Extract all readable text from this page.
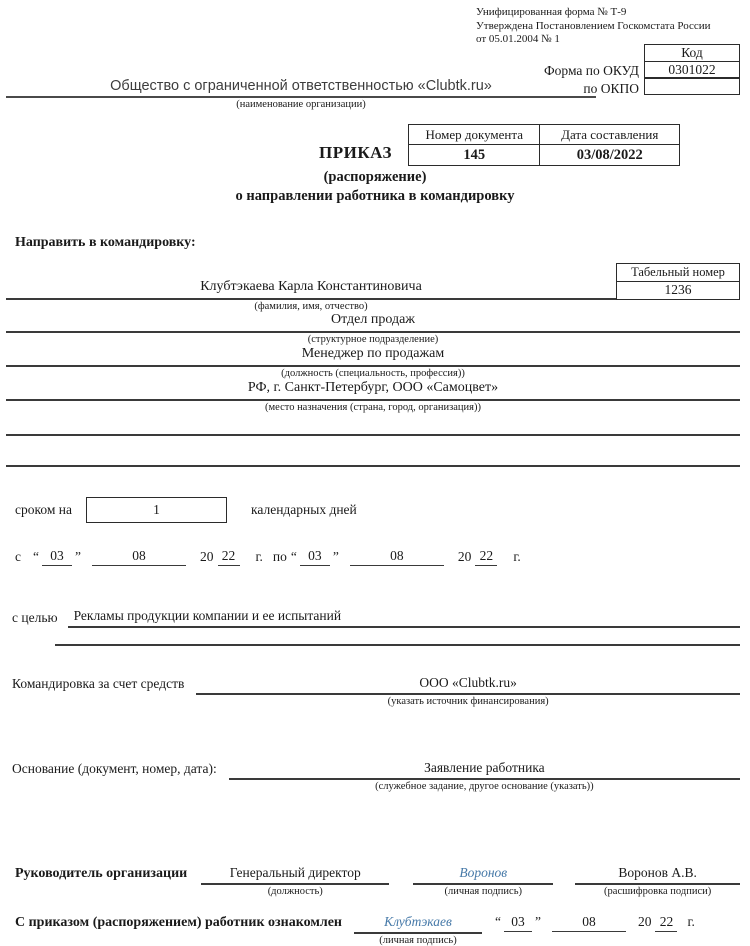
Унифицированная форма № Т-9
Утверждена Постановлением Госкомстата России
от 05.01.2004 № 1
Форма по ОКУД
по ОКПО
Код
0301022
Общество с ограниченной ответственностью «Clubtk.ru»
(наименование организации)
ПРИКАЗ
Номер документа	Дата составления
145	03/08/2022
(распоряжение)
о направлении работника в командировку
Направить в командировку:
Клубтэкаева Карла Константиновича
Табельный номер
1236
(фамилия, имя, отчество)
Отдел продаж
(структурное подразделение)
Менеджер по продажам
(должность (специальность, профессия))
РФ, г. Санкт-Петербург, ООО «Самоцвет»
(место назначения (страна, город, организация))
сроком на	1	календарных дней
с “ 03 ”	08	20 22	г. по “ 03 ”	08	20 22	г.
с целью	Рекламы продукции компании и ее испытаний
Командировка за счет средств	ООО «Clubtk.ru»
(указать источник финансирования)
Основание (документ, номер, дата):	Заявление работника
(служебное задание, другое основание (указать))
Руководитель организации	Генеральный директор
(должность)
Воронов
(личная подпись)
Воронов А.В.
(расшифровка подписи)
С приказом (распоряжением) работник ознакомлен	Клубтэкаев
(личная подпись)
“ 03 ”	08	20 22	г.
